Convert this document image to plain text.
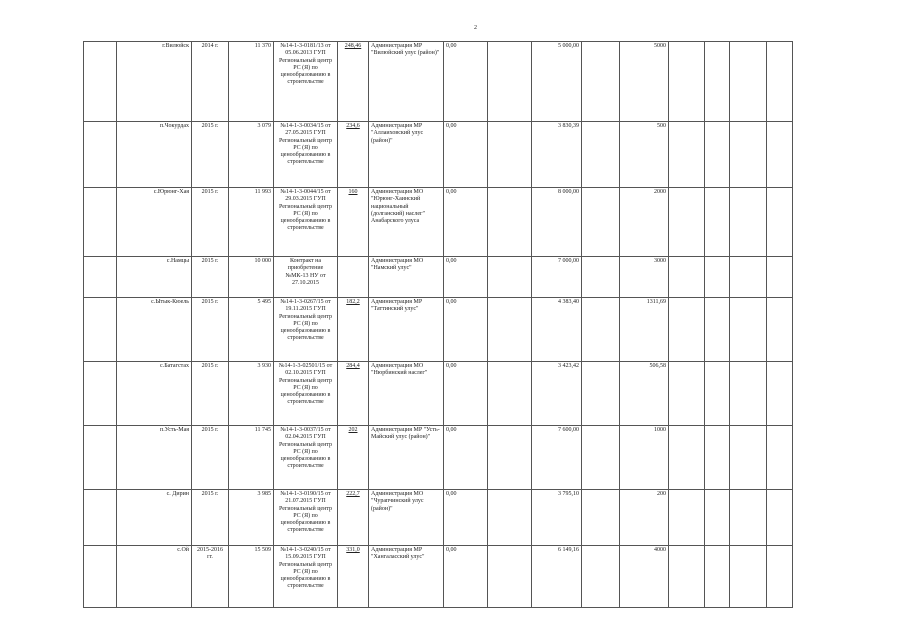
2
	г.Вилюйск	2014 г.	11 370	№14-1-3-0181/13 от 05.06.2013 ГУП Региональный центр РС (Я) по ценообразованию в строительстве	248,46	Администрация МР "Вилюйский улус (район)"	0,00		5 000,00		5000				
	п.Чокурдах	2015 г.	3 079	№14-1-3-0034/15 от 27.05.2015 ГУП Региональный центр РС (Я) по ценообразованию в строительстве	234,6	Администрация МР "Аллаиховский улус (район)"	0,00		3 830,39		500				
	с.Юрюнг-Хая	2015 г.	11 993	№14-1-3-0044/15 от 29.03.2015 ГУП Региональный центр РС (Я) по ценообразованию в строительстве	160	Администрация МО "Юрюнг-Хаинский национальный (долганский) наслег" Анабарского улуса	0,00		8 000,00		2000				
	с.Намцы	2015 г.	10 000	Контракт на приобретение №МК-13 НУ от 27.10.2015		Администрация МО "Намский улус"	0,00		7 000,00		3000				
	с.Ытык-Кюель	2015 г.	5 495	№14-1-3-0267/15 от 19.11.2015 ГУП Региональный центр РС (Я) по ценообразованию в строительстве	182,2	Администрация МР "Таттинский улус"	0,00		4 383,40		1311,69				
	с.Батагстах	2015 г.	3 930	№14-1-3-02501/15 от 02.10.2015 ГУП Региональный центр РС (Я) по ценообразованию в строительстве	284,4	Администрация МО "Нюрбинский наслег"	0,00		3 423,42		506,58				
	п.Усть-Мая	2015 г.	11 745	№14-1-3-0037/15 от 02.04.2015 ГУП Региональный центр РС (Я) по ценообразованию в строительстве	202	Администрация МР "Усть-Майский улус (район)"	0,00		7 600,00		1000				
	с. Дирин	2015 г.	3 985	№14-1-3-0190/15 от 21.07.2015 ГУП Региональный центр РС (Я) по ценообразованию в строительстве	222,7	Администрация МО "Чурапчинский улус (район)"	0,00		3 795,10		200				
	с.Ой	2015-2016 гг.	15 509	№14-1-3-0240/15 от 15.09.2015 ГУП Региональный центр РС (Я) по ценообразованию в строительстве	331,0	Администрация МР "Хангаласский улус"	0,00		6 149,16		4000				
